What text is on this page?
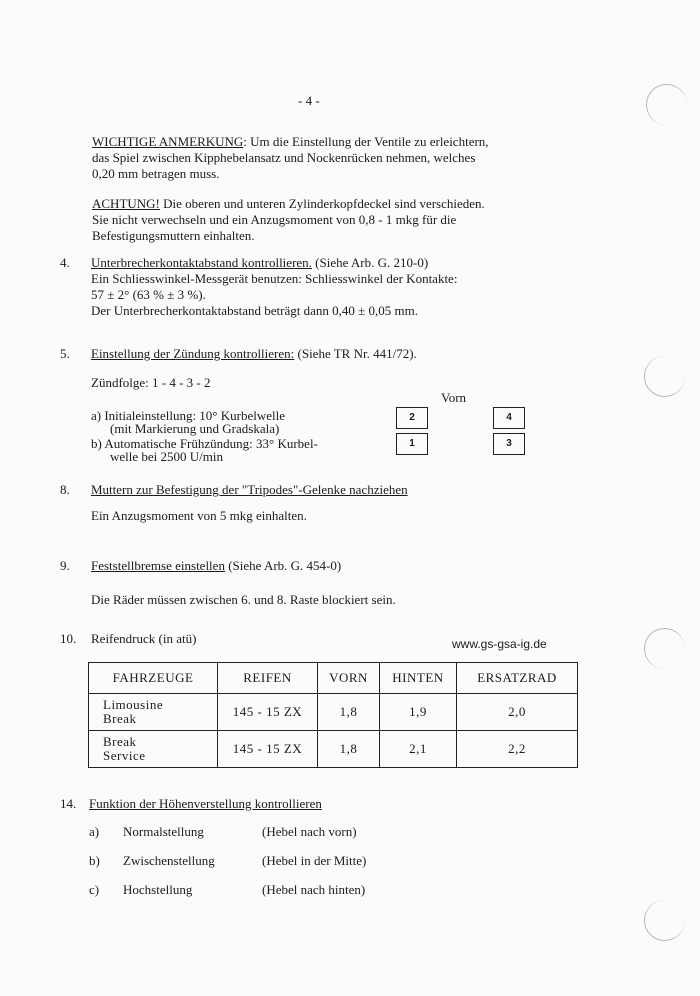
- 4 -
WICHTIGE ANMERKUNG: Um die Einstellung der Ventile zu erleichtern,
das Spiel zwischen Kipphebelansatz und Nockenrücken nehmen, welches
0,20 mm betragen muss.
ACHTUNG! Die oberen und unteren Zylinderkopfdeckel sind verschieden.
Sie nicht verwechseln und ein Anzugsmoment von 0,8 - 1 mkg für die
Befestigungsmuttern einhalten.
4. Unterbrecherkontaktabstand kontrollieren. (Siehe Arb. G. 210-0)
Ein Schliesswinkel-Messgerät benutzen: Schliesswinkel der Kontakte:
57 ± 2° (63 % ± 3 %).
Der Unterbrecherkontaktabstand beträgt dann 0,40 ± 0,05 mm.
5. Einstellung der Zündung kontrollieren: (Siehe TR Nr. 441/72).
Zündfolge: 1 - 4 - 3 - 2
Vorn
a) Initialeinstellung: 10° Kurbelwelle
(mit Markierung und Gradskala)
b) Automatische Frühzündung: 33° Kurbel-
welle bei 2500 U/min
2
1
4
3
8. Muttern zur Befestigung der "Tripodes"-Gelenke nachziehen
Ein Anzugsmoment von 5 mkg einhalten.
9. Feststellbremse einstellen (Siehe Arb. G. 454-0)
Die Räder müssen zwischen 6. und 8. Raste blockiert sein.
10. Reifendruck (in atü)	www.gs-gsa-ig.de
FAHRZEUGE	REIFEN	VORN	HINTEN	ERSATZRAD
Limousine
Break	145 - 15 ZX	1,8	1,9	2,0
Break
Service	145 - 15 ZX	1,8	2,1	2,2
14. Funktion der Höhenverstellung kontrollieren
a) Normalstellung	(Hebel nach vorn)
b) Zwischenstellung	(Hebel in der Mitte)
c) Hochstellung	(Hebel nach hinten)
